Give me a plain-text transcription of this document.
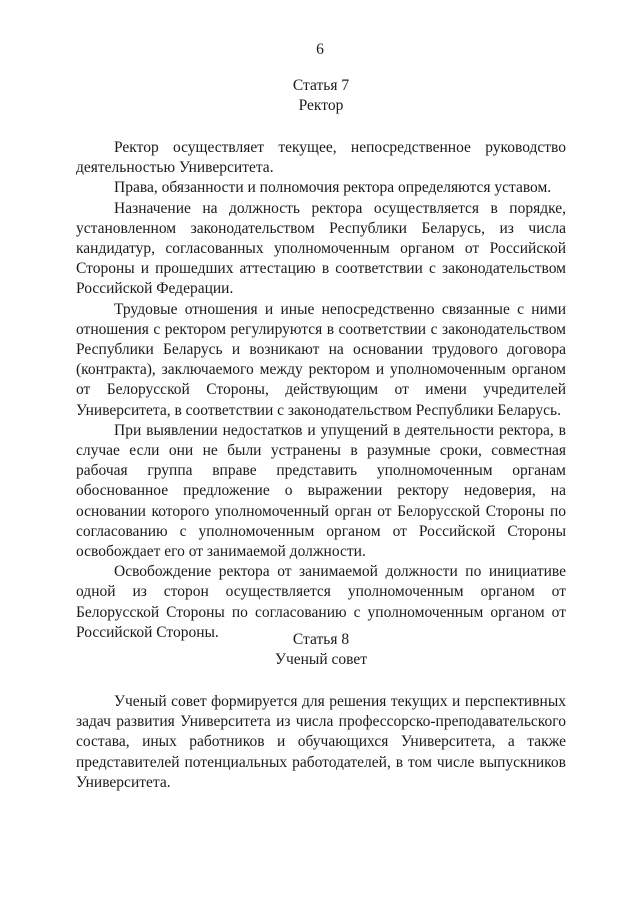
6
Статья 7
Ректор

Ректор осуществляет текущее, непосредственное руководство деятельностью Университета.

Права, обязанности и полномочия ректора определяются уставом.

Назначение на должность ректора осуществляется в порядке, установленном законодательством Республики Беларусь, из числа кандидатур, согласованных уполномоченным органом от Российской Стороны и прошедших аттестацию в соответствии с законодательством Российской Федерации.

Трудовые отношения и иные непосредственно связанные с ними отношения с ректором регулируются в соответствии с законодательством Республики Беларусь и возникают на основании трудового договора (контракта), заключаемого между ректором и уполномоченным органом от Белорусской Стороны, действующим от имени учредителей Университета, в соответствии с законодательством Республики Беларусь.

При выявлении недостатков и упущений в деятельности ректора, в случае если они не были устранены в разумные сроки, совместная рабочая группа вправе представить уполномоченным органам обоснованное предложение о выражении ректору недоверия, на основании которого уполномоченный орган от Белорусской Стороны по согласованию с уполномоченным органом от Российской Стороны освобождает его от занимаемой должности.

Освобождение ректора от занимаемой должности по инициативе одной из сторон осуществляется уполномоченным органом от Белорусской Стороны по согласованию с уполномоченным органом от Российской Стороны.	Статья 8
Ученый совет

Ученый совет формируется для решения текущих и перспективных задач развития Университета из числа профессорско-преподавательского состава, иных работников и обучающихся Университета, а также представителей потенциальных работодателей, в том числе выпускников Университета.
